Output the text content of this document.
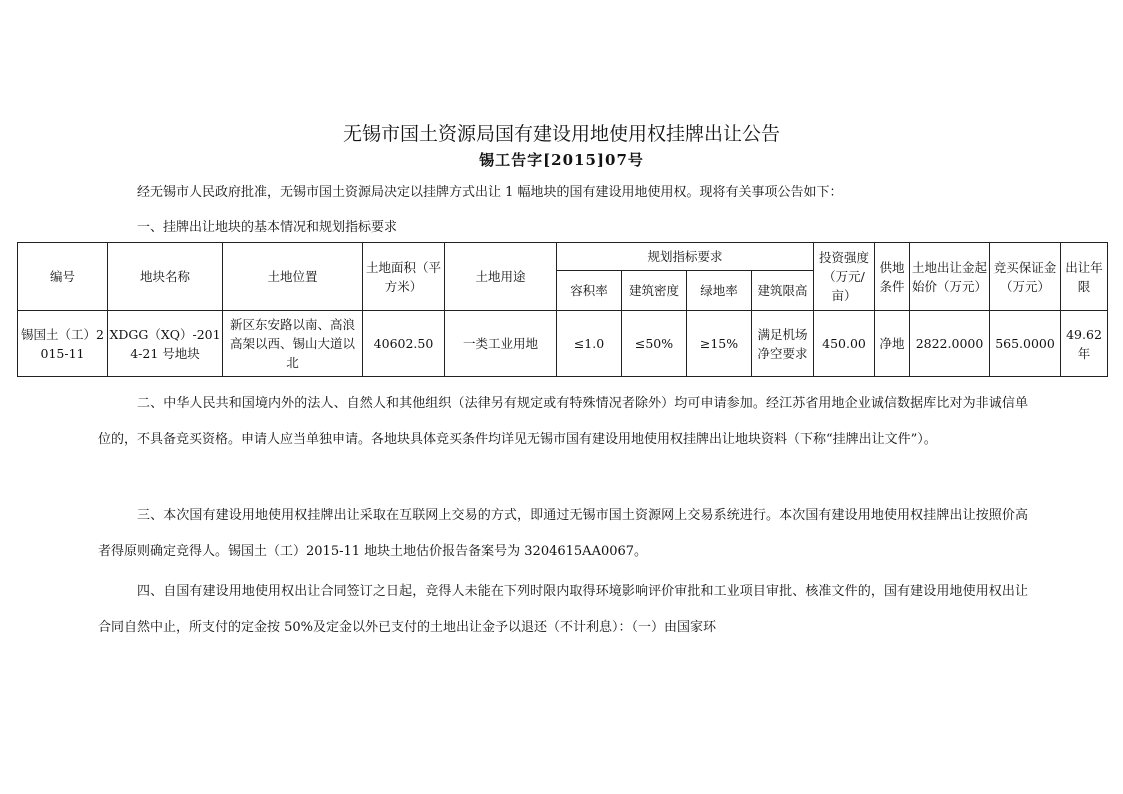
无锡市国土资源局国有建设用地使用权挂牌出让公告
锡工告字[2015]07号

经无锡市人民政府批准，无锡市国土资源局决定以挂牌方式出让 1 幅地块的国有建设用地使用权。现将有关事项公告如下：

一、挂牌出让地块的基本情况和规划指标要求

编号	地块名称	土地位置	土地面积（平方米）	土地用途	规划指标要求				投资强度（万元/亩）	供地条件	土地出让金起始价（万元）	竞买保证金（万元）	出让年限
					容积率	建筑密度	绿地率	建筑限高					
锡国土（工）2015-11	XDGG（XQ）-2014-21 号地块	新区东安路以南、高浪高架以西、锡山大道以北	40602.50	一类工业用地	≤1.0	≤50%	≥15%	满足机场净空要求	450.00	净地	2822.0000	565.0000	49.62年

二、中华人民共和国境内外的法人、自然人和其他组织（法律另有规定或有特殊情况者除外）均可申请参加。经江苏省用地企业诚信数据库比对为非诚信单位的，不具备竞买资格。申请人应当单独申请。各地块具体竞买条件均详见无锡市国有建设用地使用权挂牌出让地块资料（下称“挂牌出让文件”）。

三、本次国有建设用地使用权挂牌出让采取在互联网上交易的方式，即通过无锡市国土资源网上交易系统进行。本次国有建设用地使用权挂牌出让按照价高者得原则确定竞得人。锡国土（工）2015-11 地块土地估价报告备案号为 3204615AA0067。

四、自国有建设用地使用权出让合同签订之日起，竞得人未能在下列时限内取得环境影响评价审批和工业项目审批、核准文件的，国有建设用地使用权出让合同自然中止，所支付的定金按 50%及定金以外已支付的土地出让金予以退还（不计利息）：（一）由国家环
